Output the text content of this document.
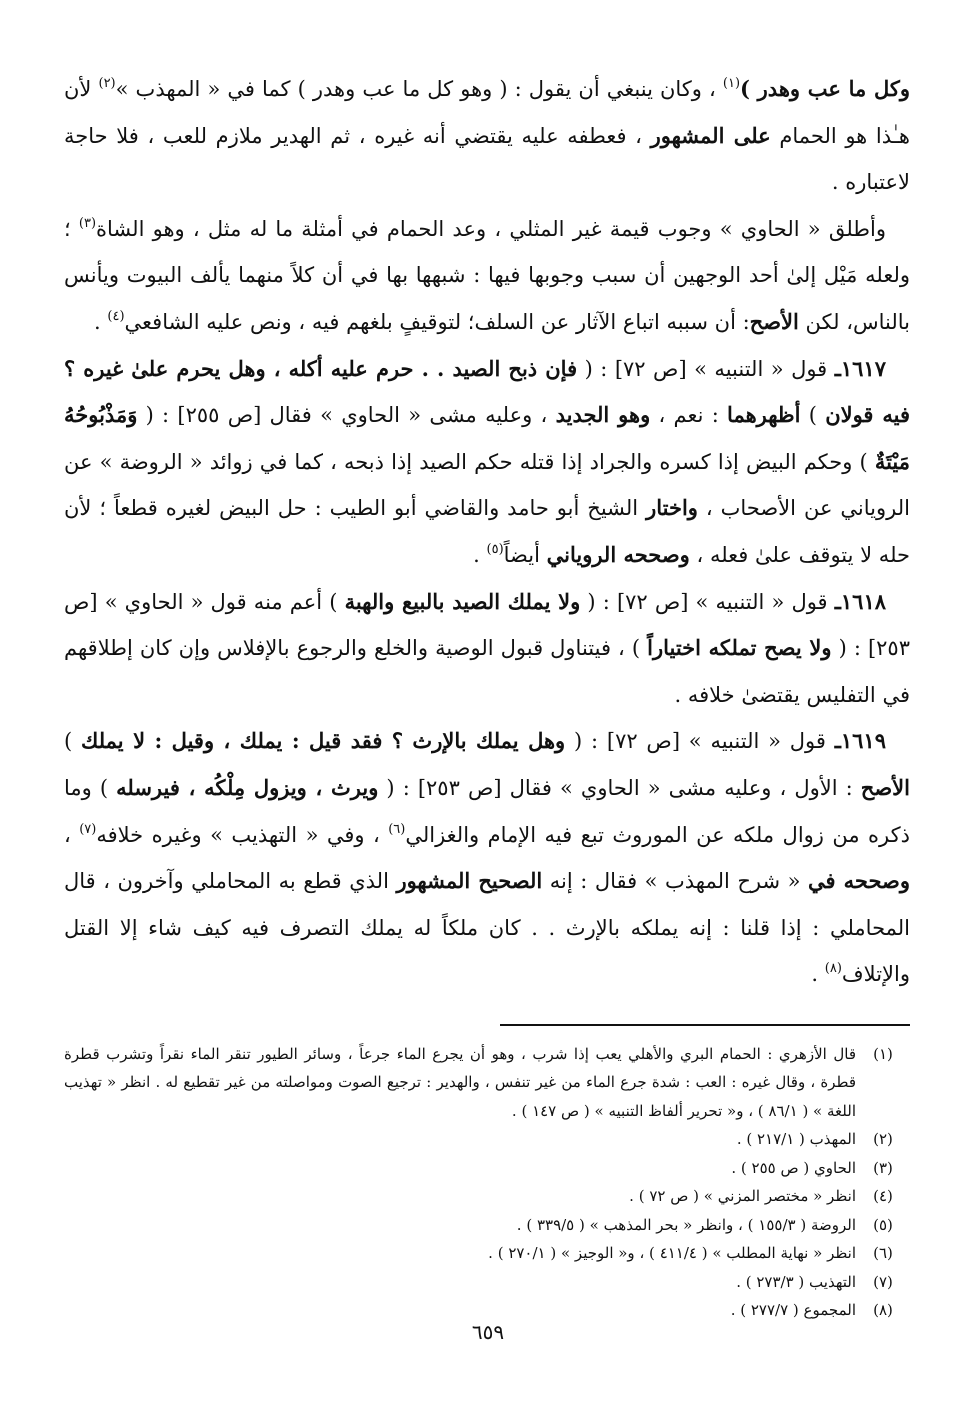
وكل ما عب وهدر )$^{(١)}$ ، وكان ينبغي أن يقول : ( وهو كل ما عب وهدر ) كما في « المهذب »$^{(٢)}$ لأن هـٰذا هو الحمام على المشهور ، فعطفه عليه يقتضي أنه غيره ، ثم الهدير ملازم للعب ، فلا حاجة لاعتباره .

وأطلق « الحاوي » وجوب قيمة غير المثلي ، وعد الحمام في أمثلة ما له مثل ، وهو الشاة$^{(٣)}$ ؛ ولعله مَيْل إلىٰ أحد الوجهين أن سبب وجوبها فيها : شبهها بها في أن كلاً منهما يألف البيوت ويأنس بالناس، لكن الأصح: أن سببه اتباع الآثار عن السلف؛ لتوقيفٍ بلغهم فيه ، ونص عليه الشافعي$^{(٤)}$ .

١٦١٧ـ قول « التنبيه » [ص ٧٢] : ( فإن ذبح الصيد . . حرم عليه أكله ، وهل يحرم علىٰ غيره ؟ فيه قولان ) أظهرهما : نعم ، وهو الجديد ، وعليه مشى « الحاوي » فقال [ص ٢٥٥] : ( وَمَذْبُوحُهُ مَيْتَةٌ ) وحكم البيض إذا كسره والجراد إذا قتله حكم الصيد إذا ذبحه ، كما في زوائد « الروضة » عن الروياني عن الأصحاب ، واختار الشيخ أبو حامد والقاضي أبو الطيب : حل البيض لغيره قطعاً ؛ لأن حله لا يتوقف علىٰ فعله ، وصححه الروياني أيضاً$^{(٥)}$ .

١٦١٨ـ قول « التنبيه » [ص ٧٢] : ( ولا يملك الصيد بالبيع والهبة ) أعم منه قول « الحاوي » [ص ٢٥٣] : ( ولا يصح تملكه اختياراً ) ، فيتناول قبول الوصية والخلع والرجوع بالإفلاس وإن كان إطلاقهم في التفليس يقتضىٰ خلافه .

١٦١٩ـ قول « التنبيه » [ص ٧٢] : ( وهل يملك بالإرث ؟ فقد قيل : يملك ، وقيل : لا يملك ) الأصح : الأول ، وعليه مشى « الحاوي » فقال [ص ٢٥٣] : ( ويرث ، ويزول مِلْكُه ، فيرسله ) وما ذكره من زوال ملكه عن الموروث تبع فيه الإمام والغزالي$^{(٦)}$ ، وفي « التهذيب » وغيره خلافه$^{(٧)}$ ، وصححه في « شرح المهذب » فقال : إنه الصحيح المشهور الذي قطع به المحاملي وآخرون ، قال المحاملي : إذا قلنا : إنه يملكه بالإرث . . كان ملكاً له يملك التصرف فيه كيف شاء إلا القتل والإتلاف$^{(٨)}$ .

(١)
قال الأزهري : الحمام البري والأهلي يعب إذا شرب ، وهو أن يجرع الماء جرعاً ، وسائر الطيور تنقر الماء نقراً وتشرب قطرة قطرة ، وقال غيره : العب : شدة جرع الماء من غير تنفس ، والهدير : ترجيع الصوت ومواصلته من غير تقطيع له . انظر « تهذيب اللغة » ( ٨٦/١ ) ، و« تحرير ألفاظ التنبيه » ( ص ١٤٧ ) .
(٢)
المهذب ( ٢١٧/١ ) .
(٣)
الحاوي ( ص ٢٥٥ ) .
(٤)
انظر « مختصر المزني » ( ص ٧٢ ) .
(٥)
الروضة ( ١٥٥/٣ ) ، وانظر « بحر المذهب » ( ٣٣٩/٥ ) .
(٦)
انظر « نهاية المطلب » ( ٤١١/٤ ) ، و« الوجيز » ( ٢٧٠/١ ) .
(٧)
التهذيب ( ٢٧٣/٣ ) .
(٨)
المجموع ( ٢٧٧/٧ ) .
٦٥٩
